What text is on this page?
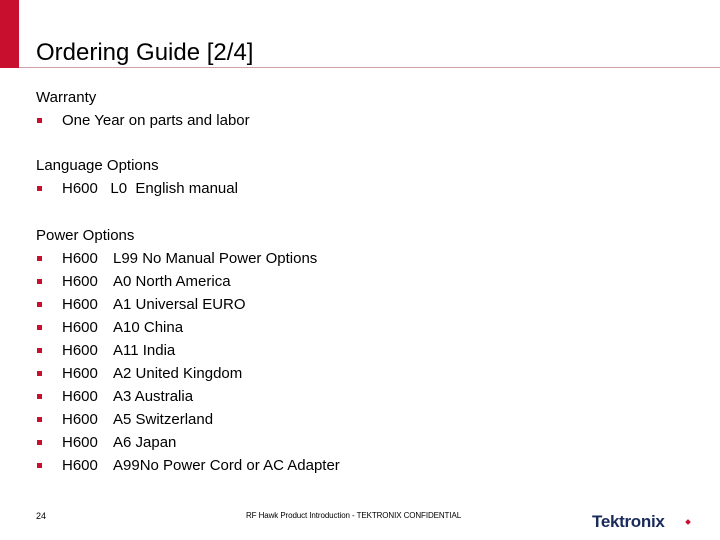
Ordering Guide [2/4]
Warranty
One Year on parts and labor
Language Options
H600   L0  English manual
Power Options
H600	L99 No Manual Power Options
H600	A0 North America
H600	A1 Universal EURO
H600	A10 China
H600	A11 India
H600	A2 United Kingdom
H600	A3 Australia
H600	A5 Switzerland
H600	A6 Japan
H600	A99No Power Cord or AC Adapter
24	RF Hawk Product Introduction - TEKTRONIX CONFIDENTIAL	Tektronix
